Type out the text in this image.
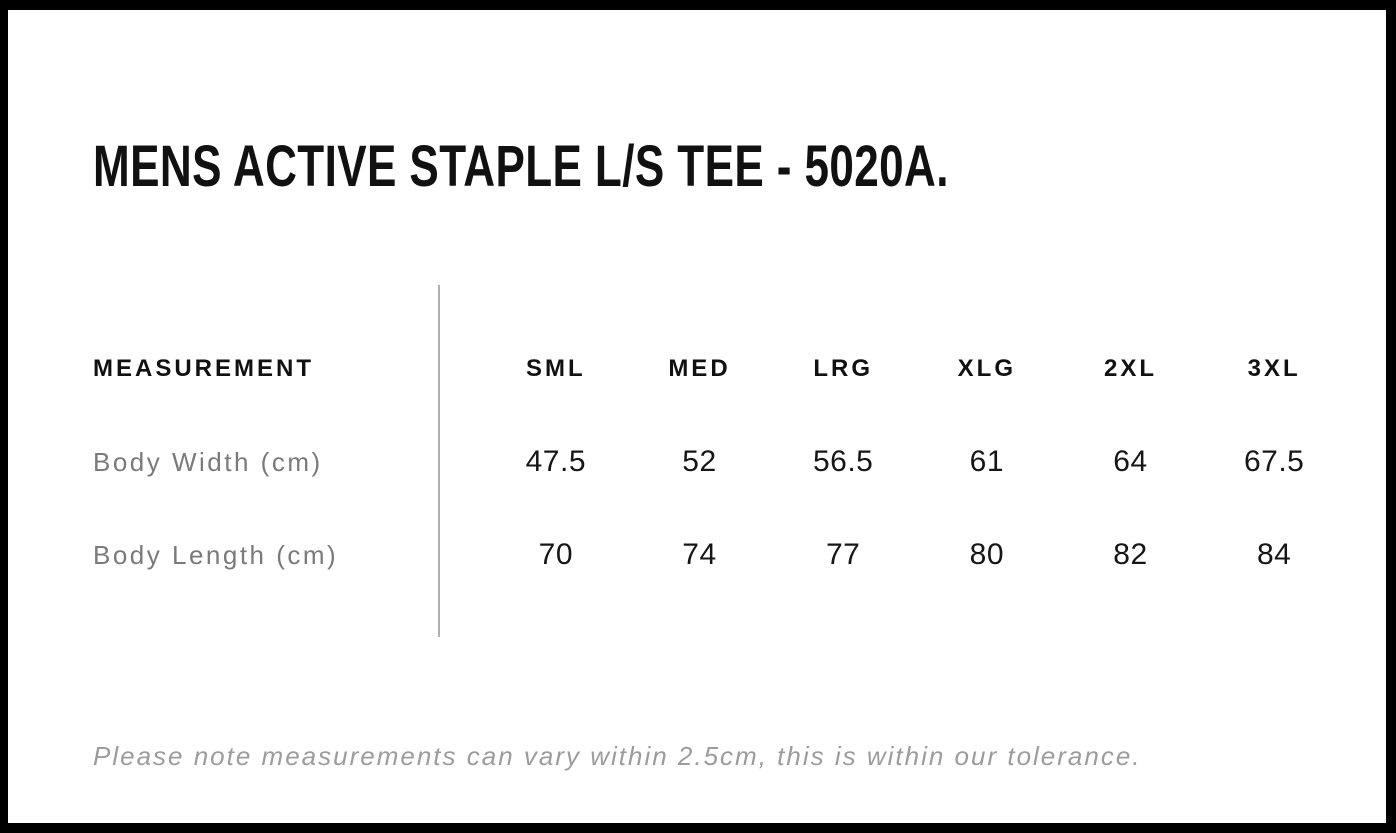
MENS ACTIVE STAPLE L/S TEE - 5020A.
MEASUREMENT	SML	MED	LRG	XLG	2XL	3XL
Body Width (cm)	47.5	52	56.5	61	64	67.5
Body Length (cm)	70	74	77	80	82	84

Please note measurements can vary within 2.5cm, this is within our tolerance.
